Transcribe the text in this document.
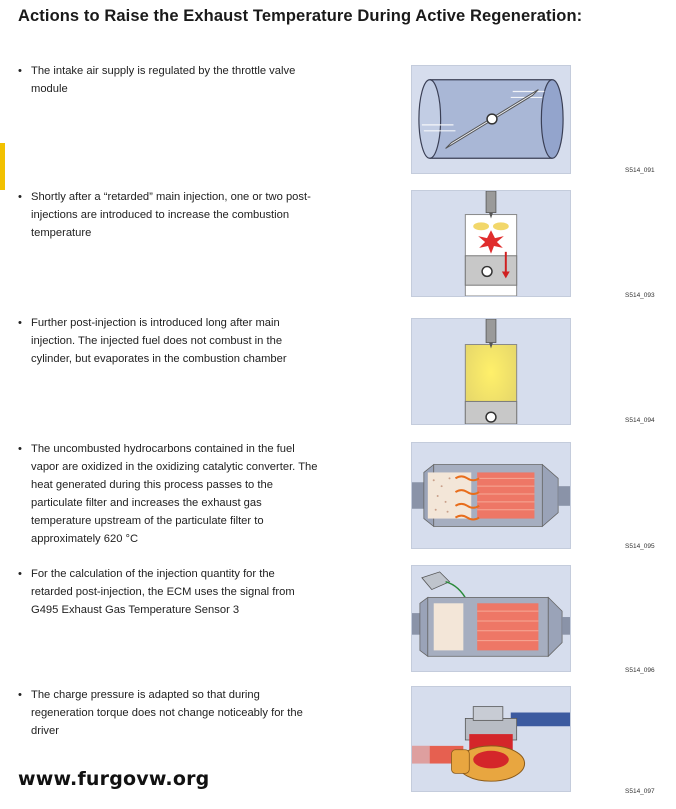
Actions to Raise the Exhaust Temperature During Active Regeneration:
• The intake air supply is regulated by the throttle valve module
S514_091
• Shortly after a “retarded” main injection, one or two post-injections are introduced to increase the combustion temperature
S514_093
• Further post-injection is introduced long after main injection. The injected fuel does not combust in the cylinder, but evaporates in the combustion chamber
S514_094
• The uncombusted hydrocarbons contained in the fuel vapor are oxidized in the oxidizing catalytic converter. The heat generated during this process passes to the particulate filter and increases the exhaust gas temperature upstream of the particulate filter to approximately 620 °C
S514_095
• For the calculation of the injection quantity for the retarded post-injection, the ECM uses the signal from G495 Exhaust Gas Temperature Sensor 3
S514_096
• The charge pressure is adapted so that during regeneration torque does not change noticeably for the driver
S514_097
www.furgovw.org
